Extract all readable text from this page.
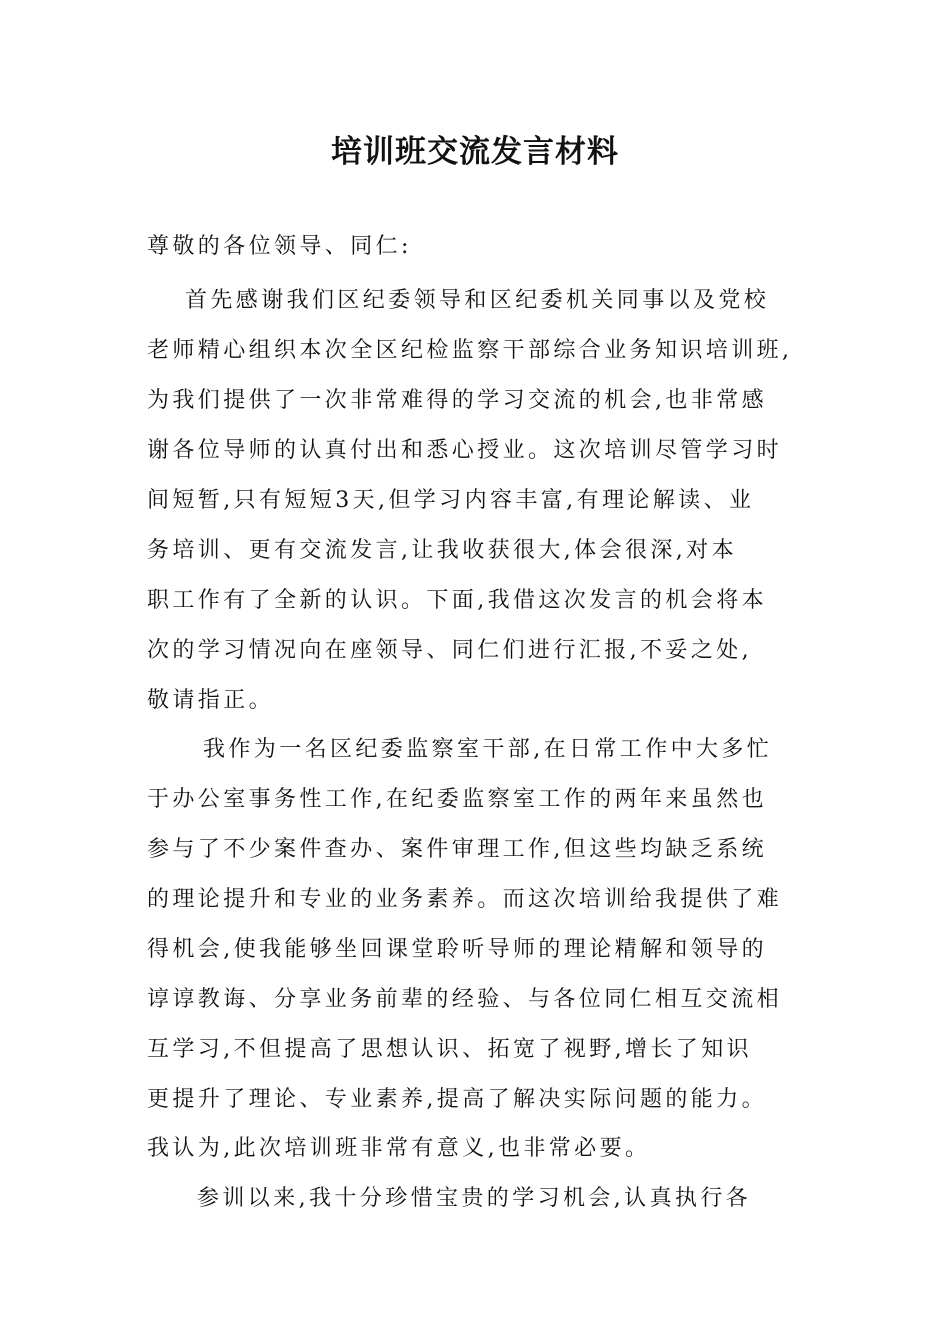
培训班交流发言材料
尊敬的各位领导、同仁:
首先感谢我们区纪委领导和区纪委机关同事以及党校
老师精心组织本次全区纪检监察干部综合业务知识培训班,
为我们提供了一次非常难得的学习交流的机会,也非常感
谢各位导师的认真付出和悉心授业。这次培训尽管学习时
间短暂,只有短短3天,但学习内容丰富,有理论解读、业
务培训、更有交流发言,让我收获很大,体会很深,对本
职工作有了全新的认识。下面,我借这次发言的机会将本
次的学习情况向在座领导、同仁们进行汇报,不妥之处,
敬请指正。
我作为一名区纪委监察室干部,在日常工作中大多忙
于办公室事务性工作,在纪委监察室工作的两年来虽然也
参与了不少案件查办、案件审理工作,但这些均缺乏系统
的理论提升和专业的业务素养。而这次培训给我提供了难
得机会,使我能够坐回课堂聆听导师的理论精解和领导的
谆谆教诲、分享业务前辈的经验、与各位同仁相互交流相
互学习,不但提高了思想认识、拓宽了视野,增长了知识
更提升了理论、专业素养,提高了解决实际问题的能力。
我认为,此次培训班非常有意义,也非常必要。
参训以来,我十分珍惜宝贵的学习机会,认真执行各
